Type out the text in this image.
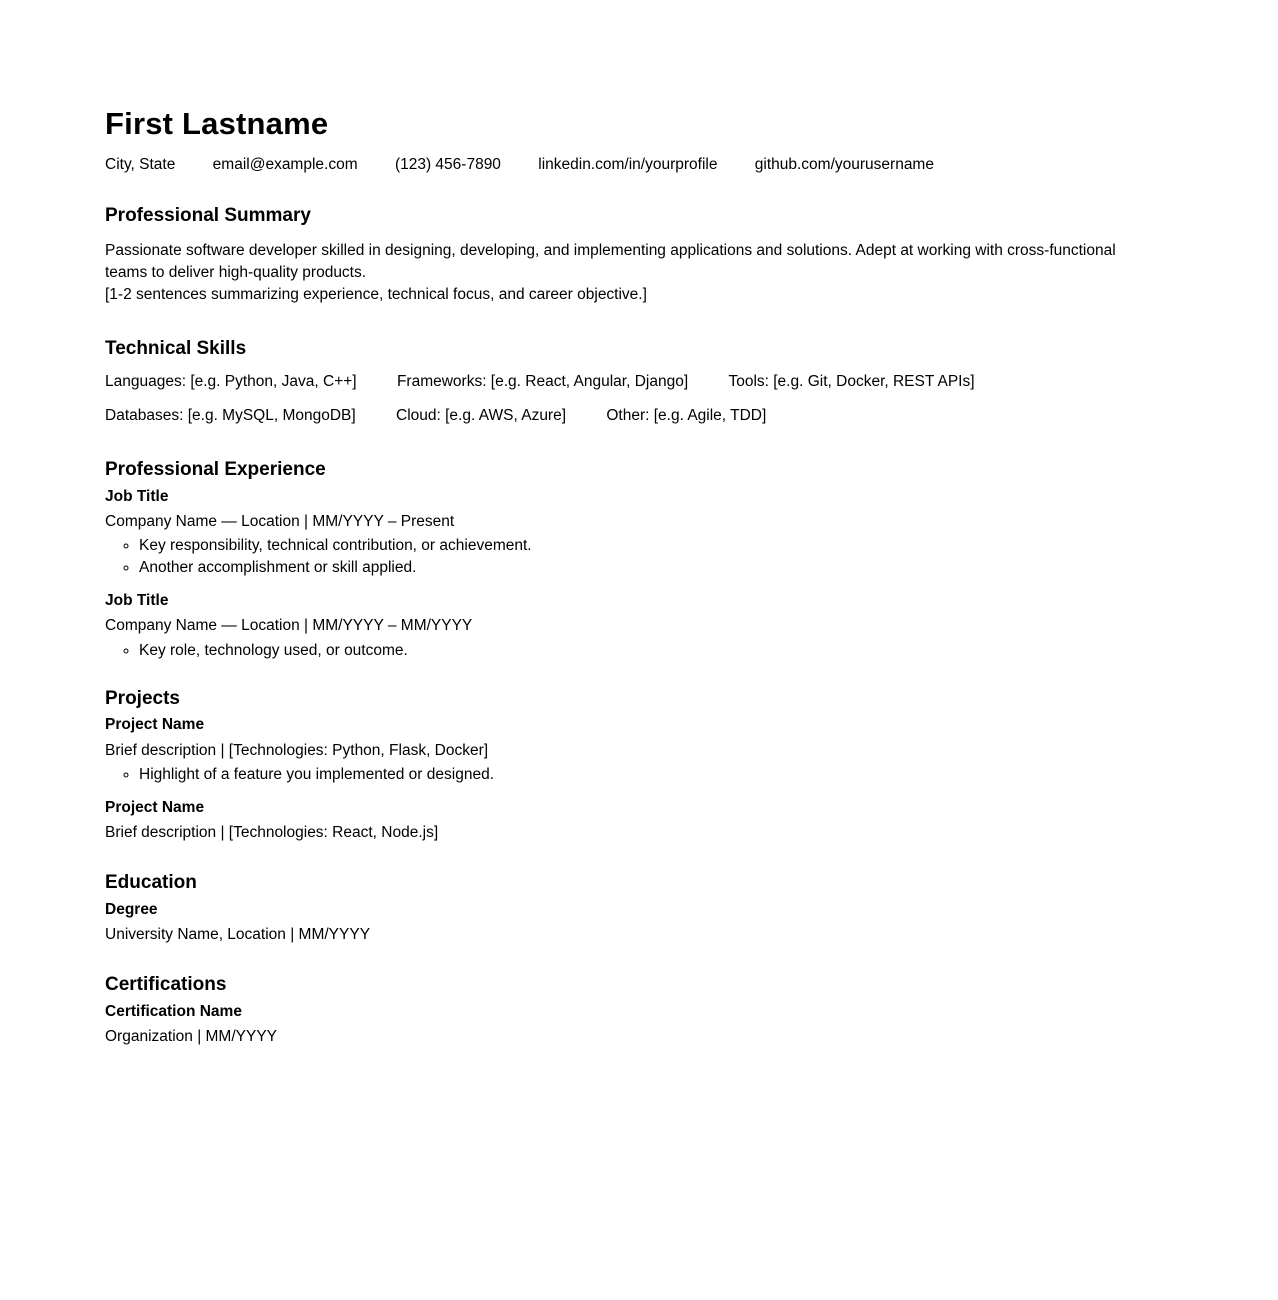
First Lastname
City, State email@example.com (123) 456-7890 linkedin.com/in/yourprofile github.com/yourusername
Professional Summary

Passionate software developer skilled in designing, developing, and implementing applications and solutions. Adept at working with cross-functional teams to deliver high-quality products.

[1-2 sentences summarizing experience, technical focus, and career objective.]

Technical Skills
Languages: [e.g. Python, Java, C++]	Frameworks: [e.g. React, Angular, Django]	Tools: [e.g. Git, Docker, REST APIs]
Databases: [e.g. MySQL, MongoDB]	Cloud: [e.g. AWS, Azure]	Other: [e.g. Agile, TDD]
Professional Experience
Job Title
Company Name — Location | MM/YYYY – Present
◦ Key responsibility, technical contribution, or achievement.
◦ Another accomplishment or skill applied.
Job Title
Company Name — Location | MM/YYYY – MM/YYYY
◦ Key role, technology used, or outcome.
Projects
Project Name
Brief description | [Technologies: Python, Flask, Docker]
◦ Highlight of a feature you implemented or designed.
Project Name
Brief description | [Technologies: React, Node.js]
Education
Degree
University Name, Location | MM/YYYY
Certifications
Certification Name
Organization | MM/YYYY
